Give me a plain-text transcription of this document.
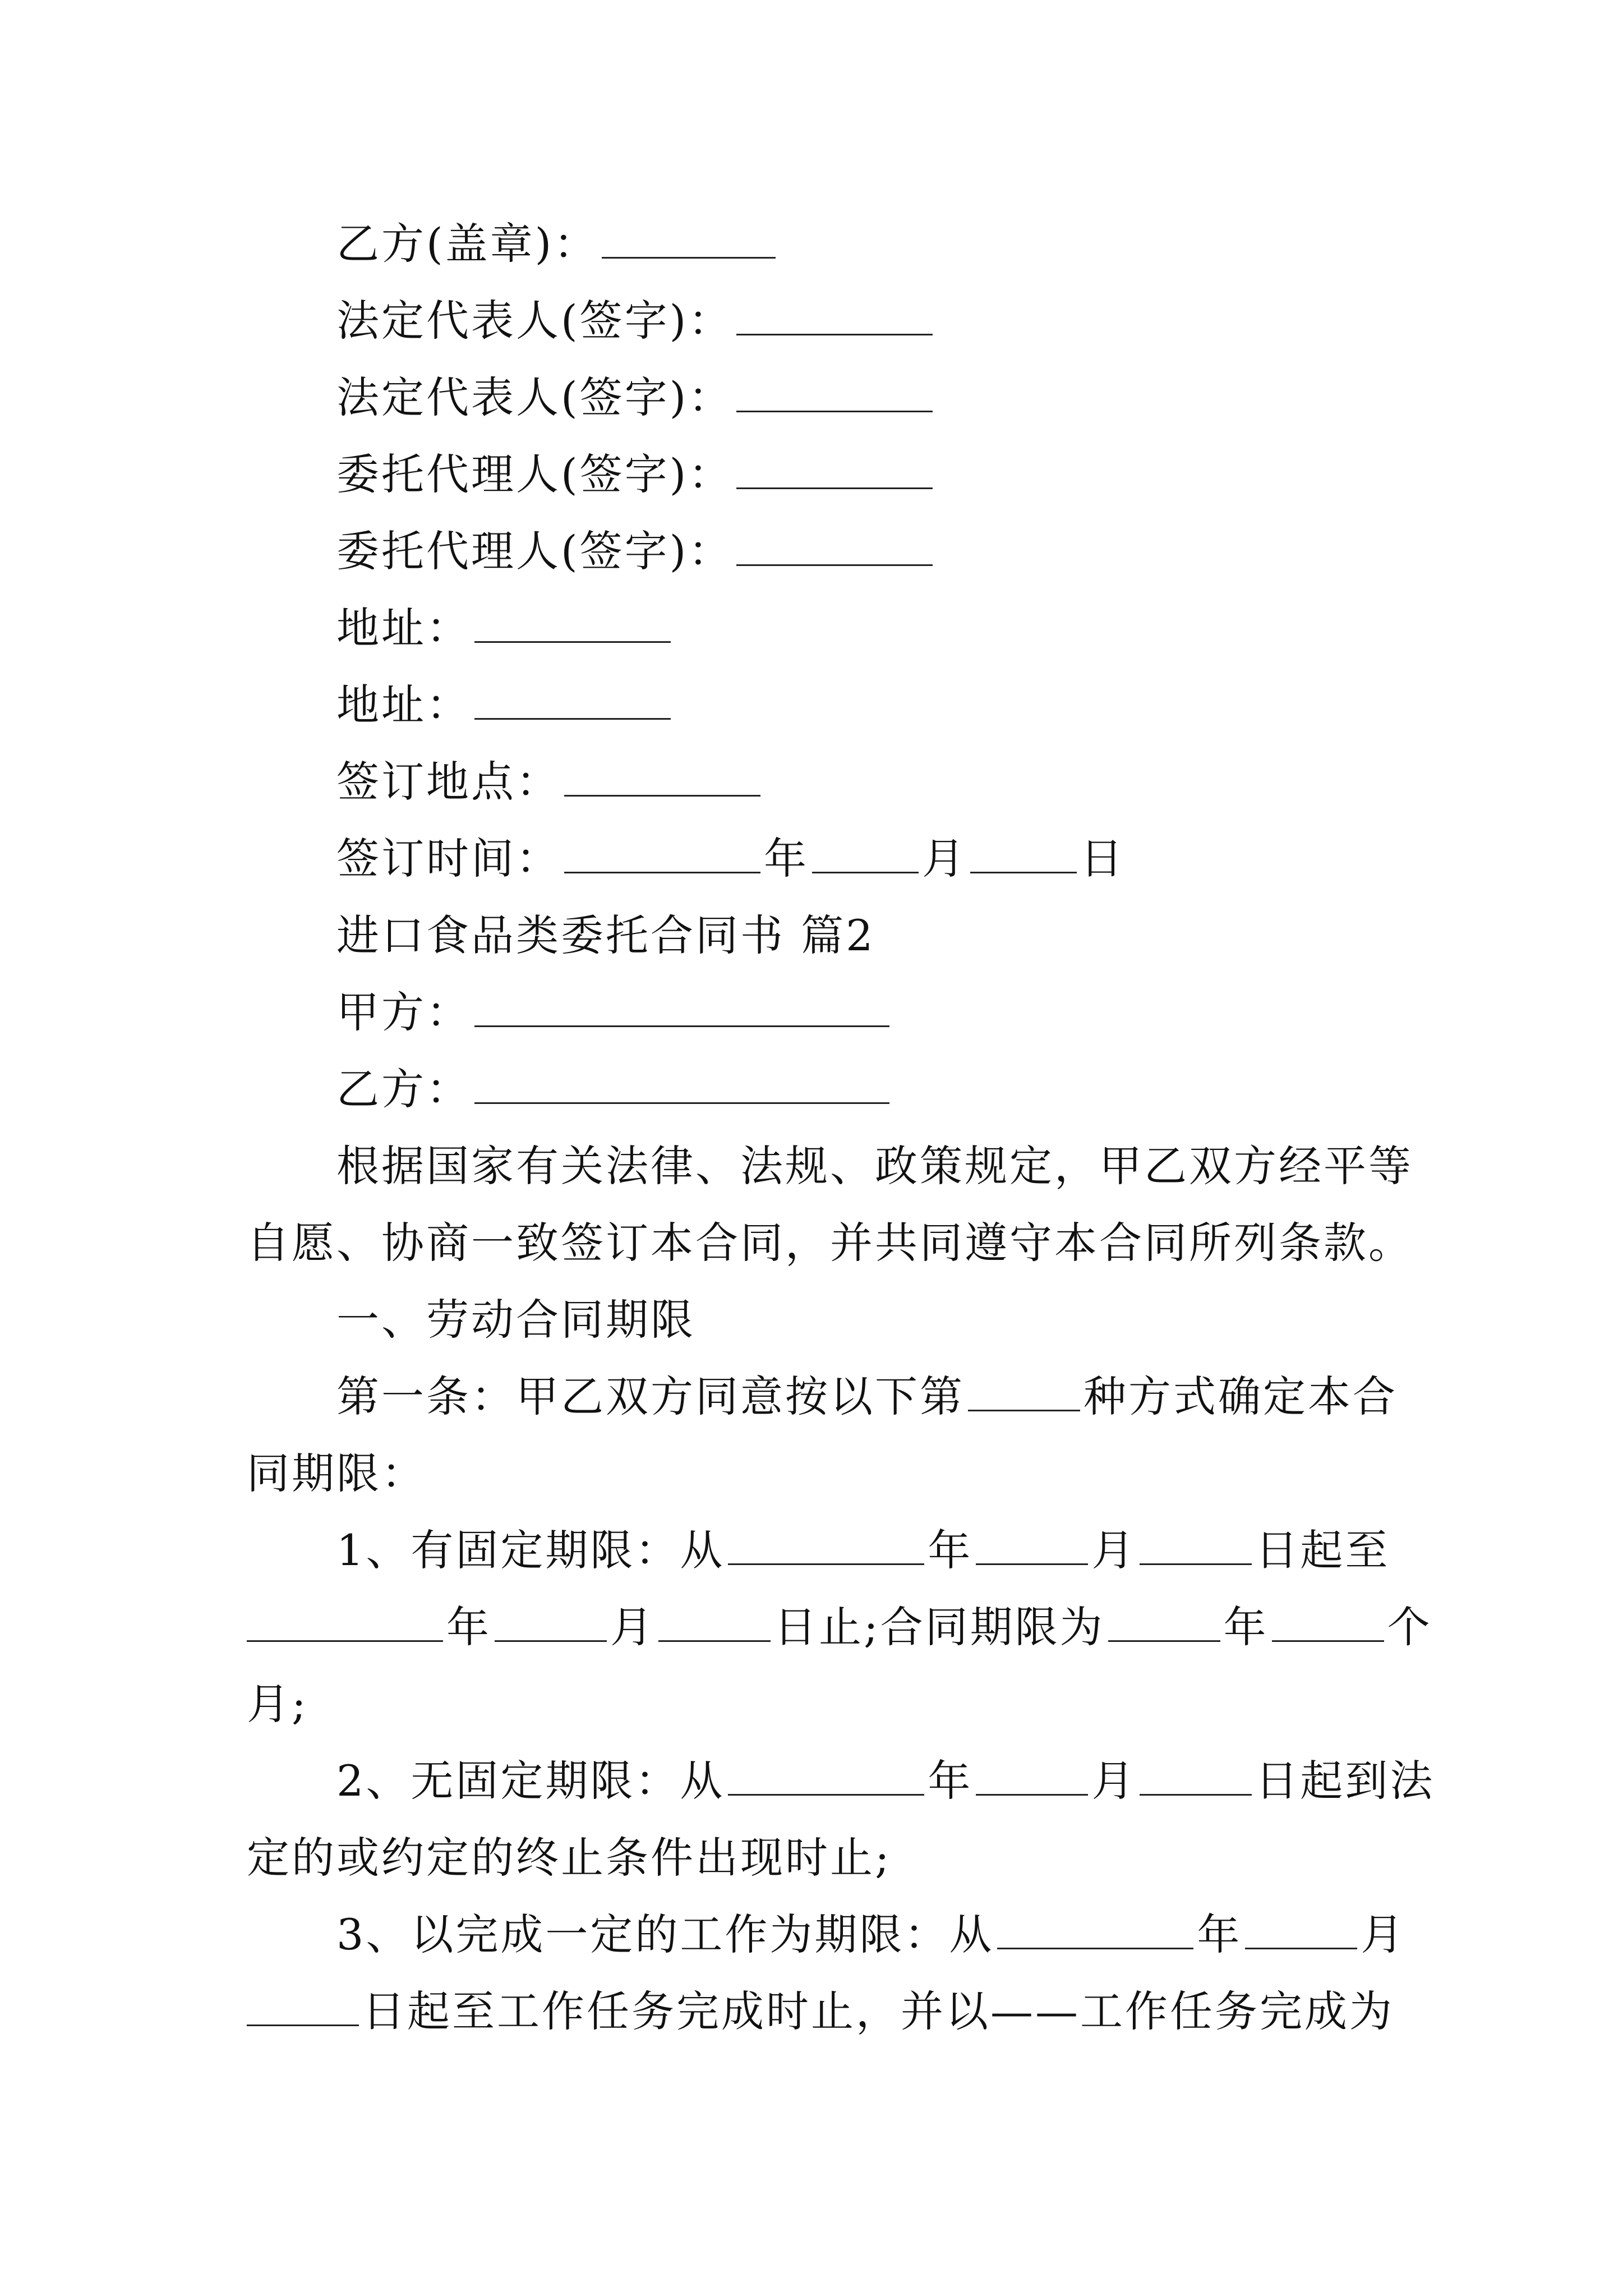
乙方(盖章)：
法定代表人(签字)：
法定代表人(签字)：
委托代理人(签字)：
委托代理人(签字)：
地址：
地址：
签订地点：
签订时间：	年	月	日
进口食品类委托合同书 篇2
甲方：
乙方：
根据国家有关法律、法规、政策规定，甲乙双方经平等
自愿、协商一致签订本合同，并共同遵守本合同所列条款。
一、劳动合同期限
第一条：甲乙双方同意按以下第	种方式确定本合
同期限：
1、有固定期限：从	年	月	日起至
年	月	日止;合同期限为	年	个
月;
2、无固定期限：从	年	月	日起到法
定的或约定的终止条件出现时止;
3、以完成一定的工作为期限：从	年	月
日起至工作任务完成时止，并以——工作任务完成为
